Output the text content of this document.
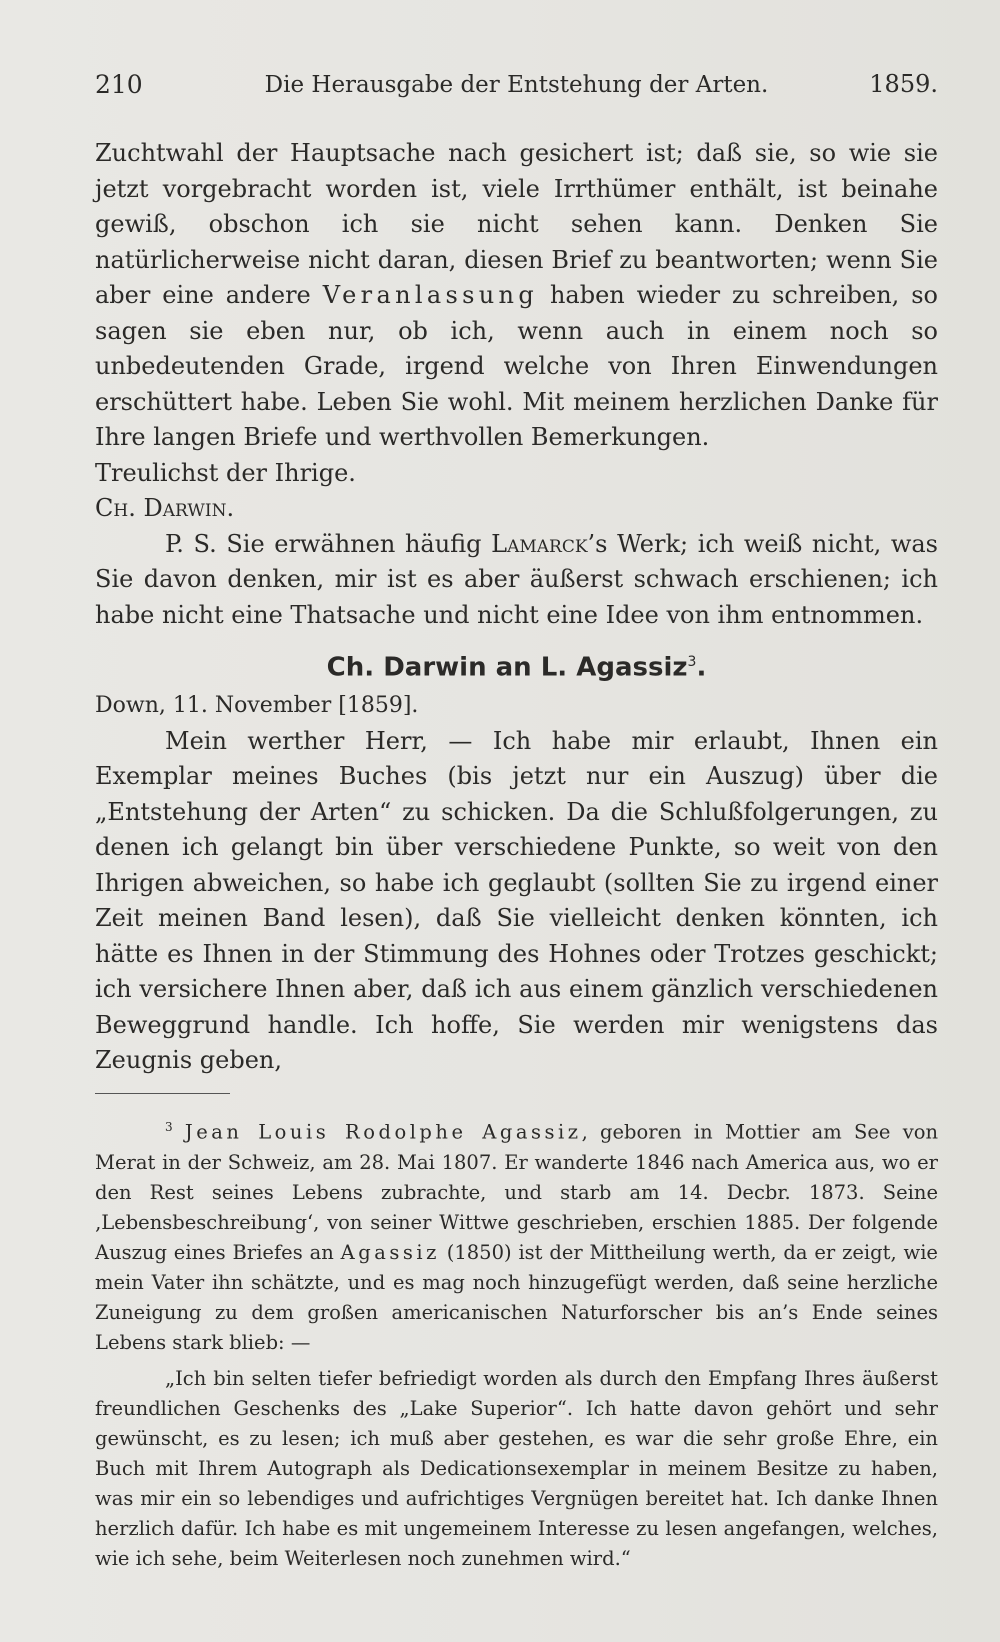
210	Die Herausgabe der Entstehung der Arten.	1859.

Zuchtwahl der Hauptsache nach gesichert ist; daß sie, so wie sie jetzt vorgebracht worden ist, viele Irrthümer enthält, ist beinahe gewiß, obschon ich sie nicht sehen kann. Denken Sie natürlicherweise nicht daran, diesen Brief zu beantworten; wenn Sie aber eine andere Veranlassung haben wieder zu schreiben, so sagen sie eben nur, ob ich, wenn auch in einem noch so unbedeutenden Grade, irgend welche von Ihren Einwendungen erschüttert habe. Leben Sie wohl. Mit meinem herzlichen Danke für Ihre langen Briefe und werthvollen Bemerkungen.

Treulichst der Ihrige.

Ch. Darwin.

P. S. Sie erwähnen häufig Lamarck’s Werk; ich weiß nicht, was Sie davon denken, mir ist es aber äußerst schwach erschienen; ich habe nicht eine Thatsache und nicht eine Idee von ihm entnommen.

Ch. Darwin an L. Agassiz$^3$.

Down, 11. November [1859].

Mein werther Herr, — Ich habe mir erlaubt, Ihnen ein Exemplar meines Buches (bis jetzt nur ein Auszug) über die „Entstehung der Arten“ zu schicken. Da die Schlußfolgerungen, zu denen ich gelangt bin über verschiedene Punkte, so weit von den Ihrigen abweichen, so habe ich geglaubt (sollten Sie zu irgend einer Zeit meinen Band lesen), daß Sie vielleicht denken könnten, ich hätte es Ihnen in der Stimmung des Hohnes oder Trotzes geschickt; ich versichere Ihnen aber, daß ich aus einem gänzlich verschiedenen Beweggrund handle. Ich hoffe, Sie werden mir wenigstens das Zeugnis geben,

$^3$ Jean Louis Rodolphe Agassiz, geboren in Mottier am See von Merat in der Schweiz, am 28. Mai 1807. Er wanderte 1846 nach America aus, wo er den Rest seines Lebens zubrachte, und starb am 14. Decbr. 1873. Seine ‚Lebensbeschreibung‘, von seiner Wittwe geschrieben, erschien 1885. Der folgende Auszug eines Briefes an Agassiz (1850) ist der Mittheilung werth, da er zeigt, wie mein Vater ihn schätzte, und es mag noch hinzugefügt werden, daß seine herzliche Zuneigung zu dem großen americanischen Naturforscher bis an’s Ende seines Lebens stark blieb: —

„Ich bin selten tiefer befriedigt worden als durch den Empfang Ihres äußerst freundlichen Geschenks des „Lake Superior“. Ich hatte davon gehört und sehr gewünscht, es zu lesen; ich muß aber gestehen, es war die sehr große Ehre, ein Buch mit Ihrem Autograph als Dedicationsexemplar in meinem Besitze zu haben, was mir ein so lebendiges und aufrichtiges Vergnügen bereitet hat. Ich danke Ihnen herzlich dafür. Ich habe es mit ungemeinem Interesse zu lesen angefangen, welches, wie ich sehe, beim Weiterlesen noch zunehmen wird.“
